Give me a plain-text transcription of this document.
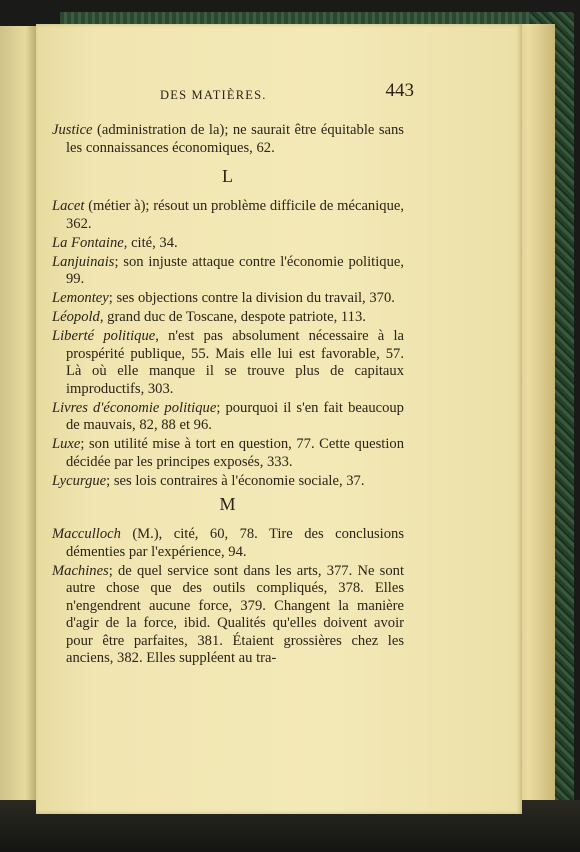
DES MATIÈRES.	443

Justice (administration de la); ne saurait être équitable sans les connaissances économiques, 62.

L

Lacet (métier à); résout un problème difficile de mécanique, 362.

La Fontaine, cité, 34.

Lanjuinais; son injuste attaque contre l'économie politique, 99.

Lemontey; ses objections contre la division du travail, 370.

Léopold, grand duc de Toscane, despote patriote, 113.

Liberté politique, n'est pas absolument nécessaire à la prospérité publique, 55. Mais elle lui est favorable, 57. Là où elle manque il se trouve plus de capitaux improductifs, 303.

Livres d'économie politique; pourquoi il s'en fait beaucoup de mauvais, 82, 88 et 96.

Luxe; son utilité mise à tort en question, 77. Cette question décidée par les principes exposés, 333.

Lycurgue; ses lois contraires à l'économie sociale, 37.

M

Macculloch (M.), cité, 60, 78. Tire des conclusions démenties par l'expérience, 94.

Machines; de quel service sont dans les arts, 377. Ne sont autre chose que des outils compliqués, 378. Elles n'engendrent aucune force, 379. Changent la manière d'agir de la force, ibid. Qualités qu'elles doivent avoir pour être parfaites, 381. Étaient grossières chez les anciens, 382. Elles suppléent au tra-
